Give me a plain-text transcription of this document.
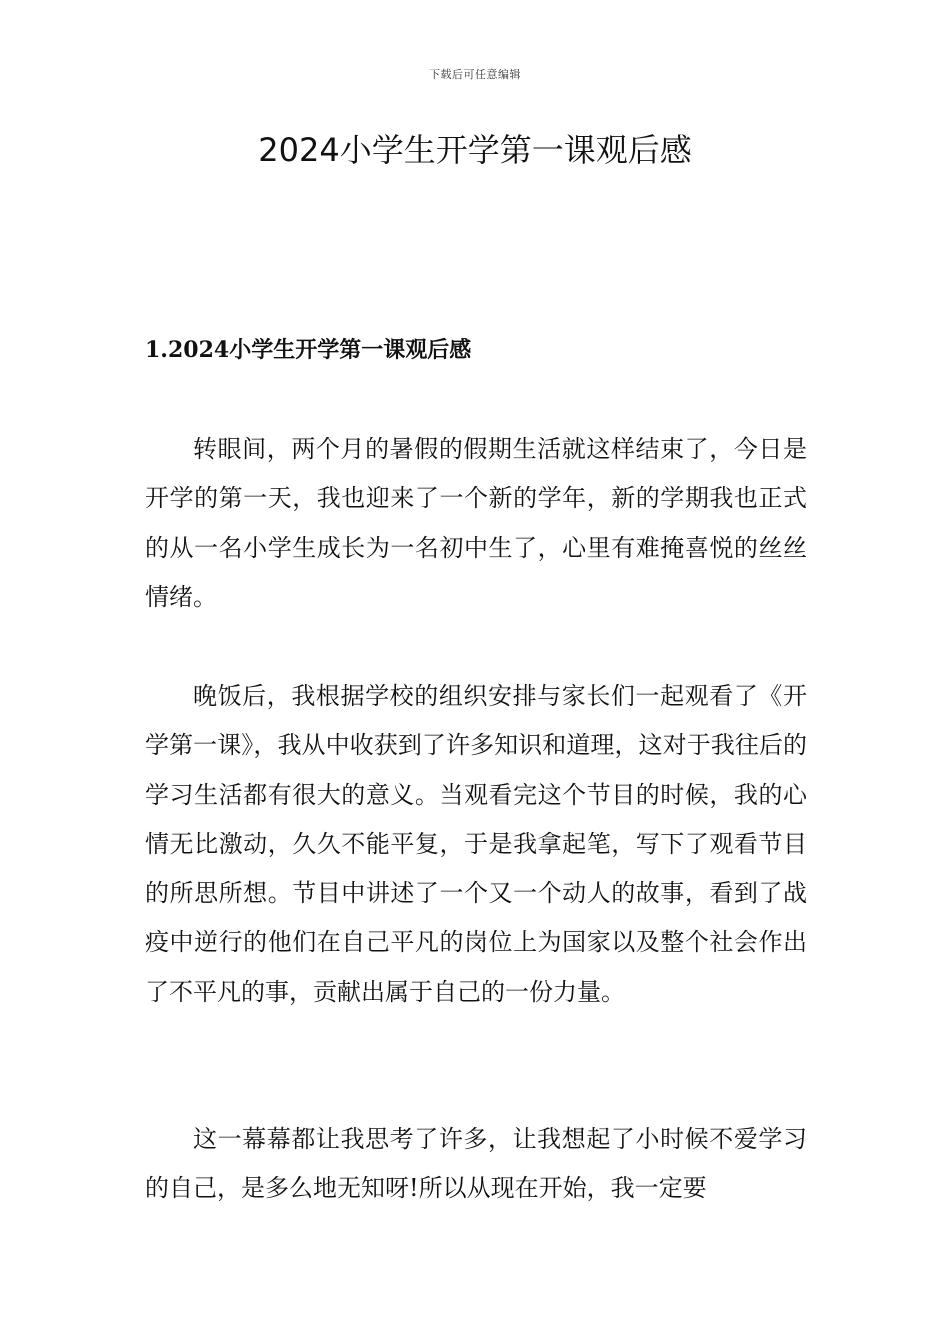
下载后可任意编辑
2024小学生开学第一课观后感
1.2024小学生开学第一课观后感

转眼间，两个月的暑假的假期生活就这样结束了，今日是开学的第一天，我也迎来了一个新的学年，新的学期我也正式的从一名小学生成长为一名初中生了，心里有难掩喜悦的丝丝情绪。

晚饭后，我根据学校的组织安排与家长们一起观看了《开学第一课》，我从中收获到了许多知识和道理，这对于我往后的学习生活都有很大的意义。当观看完这个节目的时候，我的心情无比激动，久久不能平复，于是我拿起笔，写下了观看节目的所思所想。节目中讲述了一个又一个动人的故事，看到了战疫中逆行的他们在自己平凡的岗位上为国家以及整个社会作出了不平凡的事，贡献出属于自己的一份力量。

这一幕幕都让我思考了许多，让我想起了小时候不爱学习的自己，是多么地无知呀!所以从现在开始，我一定要
